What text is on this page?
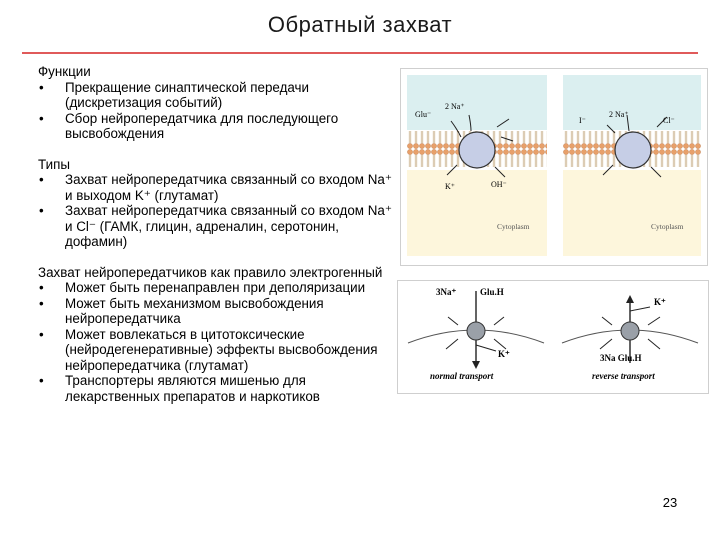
Обратный захват
Функции
• Прекращение синаптической передачи (дискретизация событий)
• Сбор нейропередатчика для последующего высвобождения
Типы
• Захват нейропередатчика связанный со входом Na⁺ и выходом K⁺ (глутамат)
• Захват нейропередатчика связанный со входом Na⁺ и Cl⁻ (ГАМК, глицин, адреналин, серотонин, дофамин)
Захват нейропередатчиков как правило электрогенный
• Может быть перенаправлен при деполяризации
• Может быть механизмом высвобождения нейропередатчика
• Может вовлекаться в цитотоксические (нейродегенеративные) эффекты высвобождения нейропередатчика (глутамат)
• Транспортеры являются мишенью для лекарственных препаратов и наркотиков
Glu⁻
2 Na⁺
K⁺	OH⁻
Cytoplasm
I⁻
2 Na⁺
Cl⁻
Cytoplasm
3Na⁺	Glu.H
K⁺
normal transport
K⁺
3Na Glu.H
reverse transport
23
